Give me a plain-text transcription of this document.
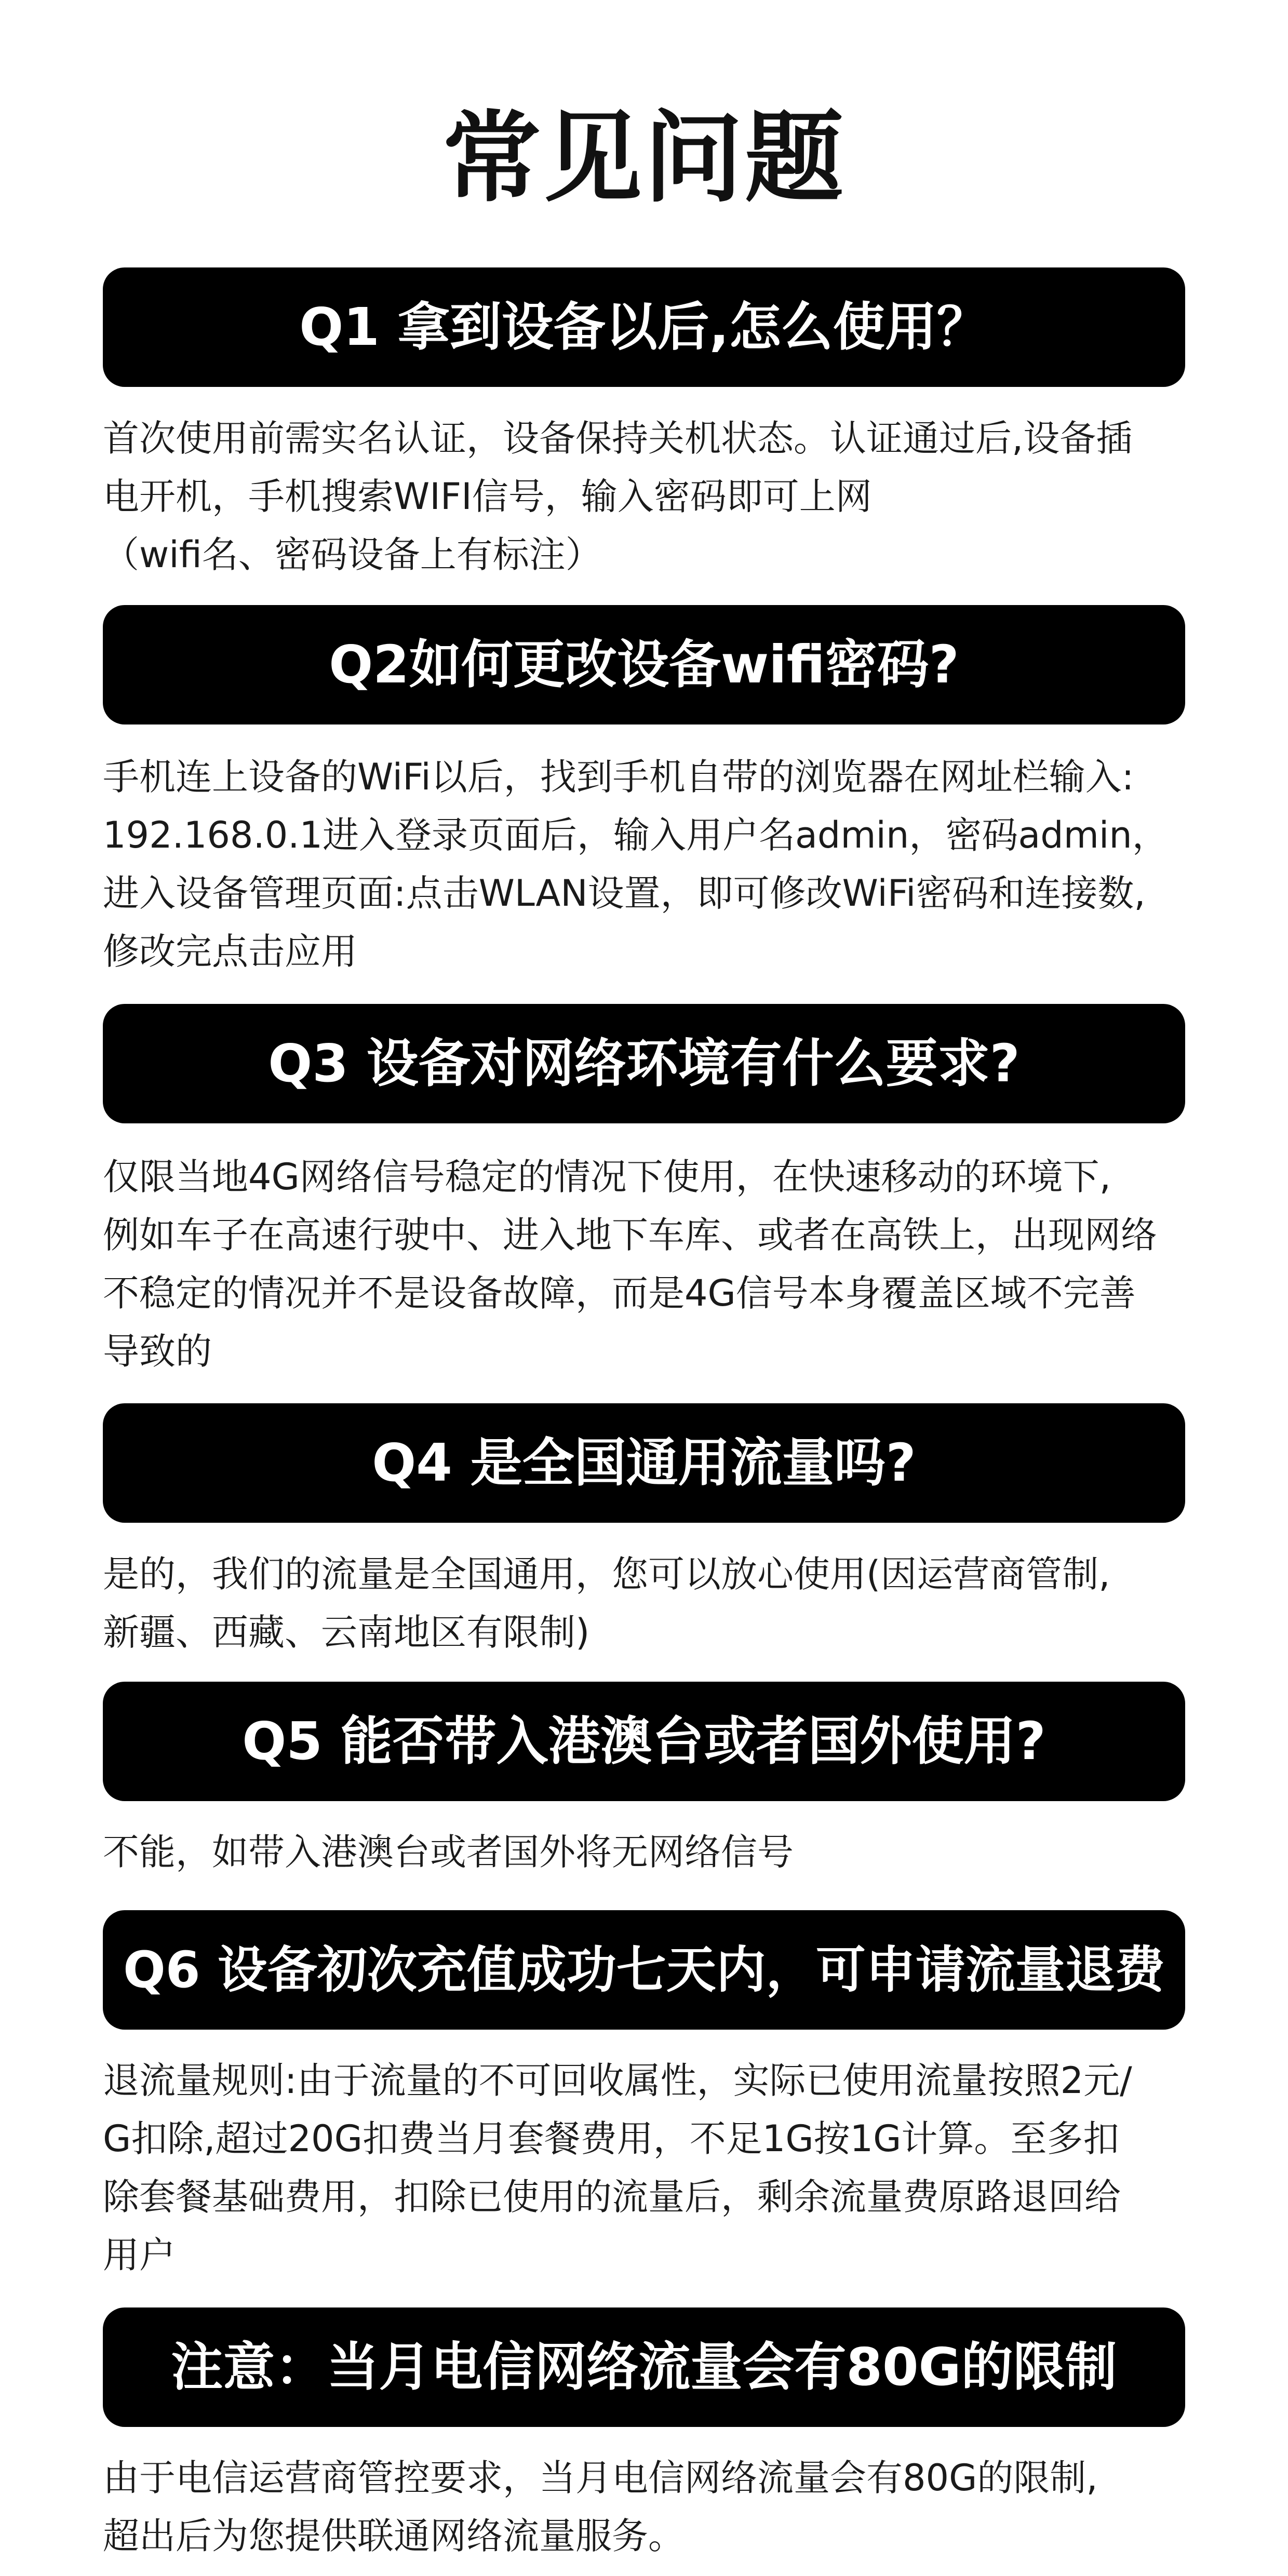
常见问题
Q1 拿到设备以后,怎么使用？
首次使用前需实名认证，设备保持关机状态。认证通过后,设备插
电开机，手机搜索WIFI信号，输入密码即可上网
（wifi名、密码设备上有标注）
Q2如何更改设备wifi密码?
手机连上设备的WiFi以后，找到手机自带的浏览器在网址栏输入:
192.168.0.1进入登录页面后，输入用户名admin，密码admin，
进入设备管理页面:点击WLAN设置，即可修改WiFi密码和连接数,
修改完点击应用
Q3 设备对网络环境有什么要求?
仅限当地4G网络信号稳定的情况下使用，在快速移动的环境下,
例如车子在高速行驶中、进入地下车库、或者在高铁上，出现网络
不稳定的情况并不是设备故障，而是4G信号本身覆盖区域不完善
导致的
Q4 是全国通用流量吗?
是的，我们的流量是全国通用，您可以放心使用(因运营商管制,
新疆、西藏、云南地区有限制)
Q5 能否带入港澳台或者国外使用?
不能，如带入港澳台或者国外将无网络信号
Q6 设备初次充值成功七天内，可申请流量退费
退流量规则:由于流量的不可回收属性，实际已使用流量按照2元/
G扣除,超过20G扣费当月套餐费用，不足1G按1G计算。至多扣
除套餐基础费用，扣除已使用的流量后，剩余流量费原路退回给
用户
注意：当月电信网络流量会有80G的限制
由于电信运营商管控要求，当月电信网络流量会有80G的限制,
超出后为您提供联通网络流量服务。
